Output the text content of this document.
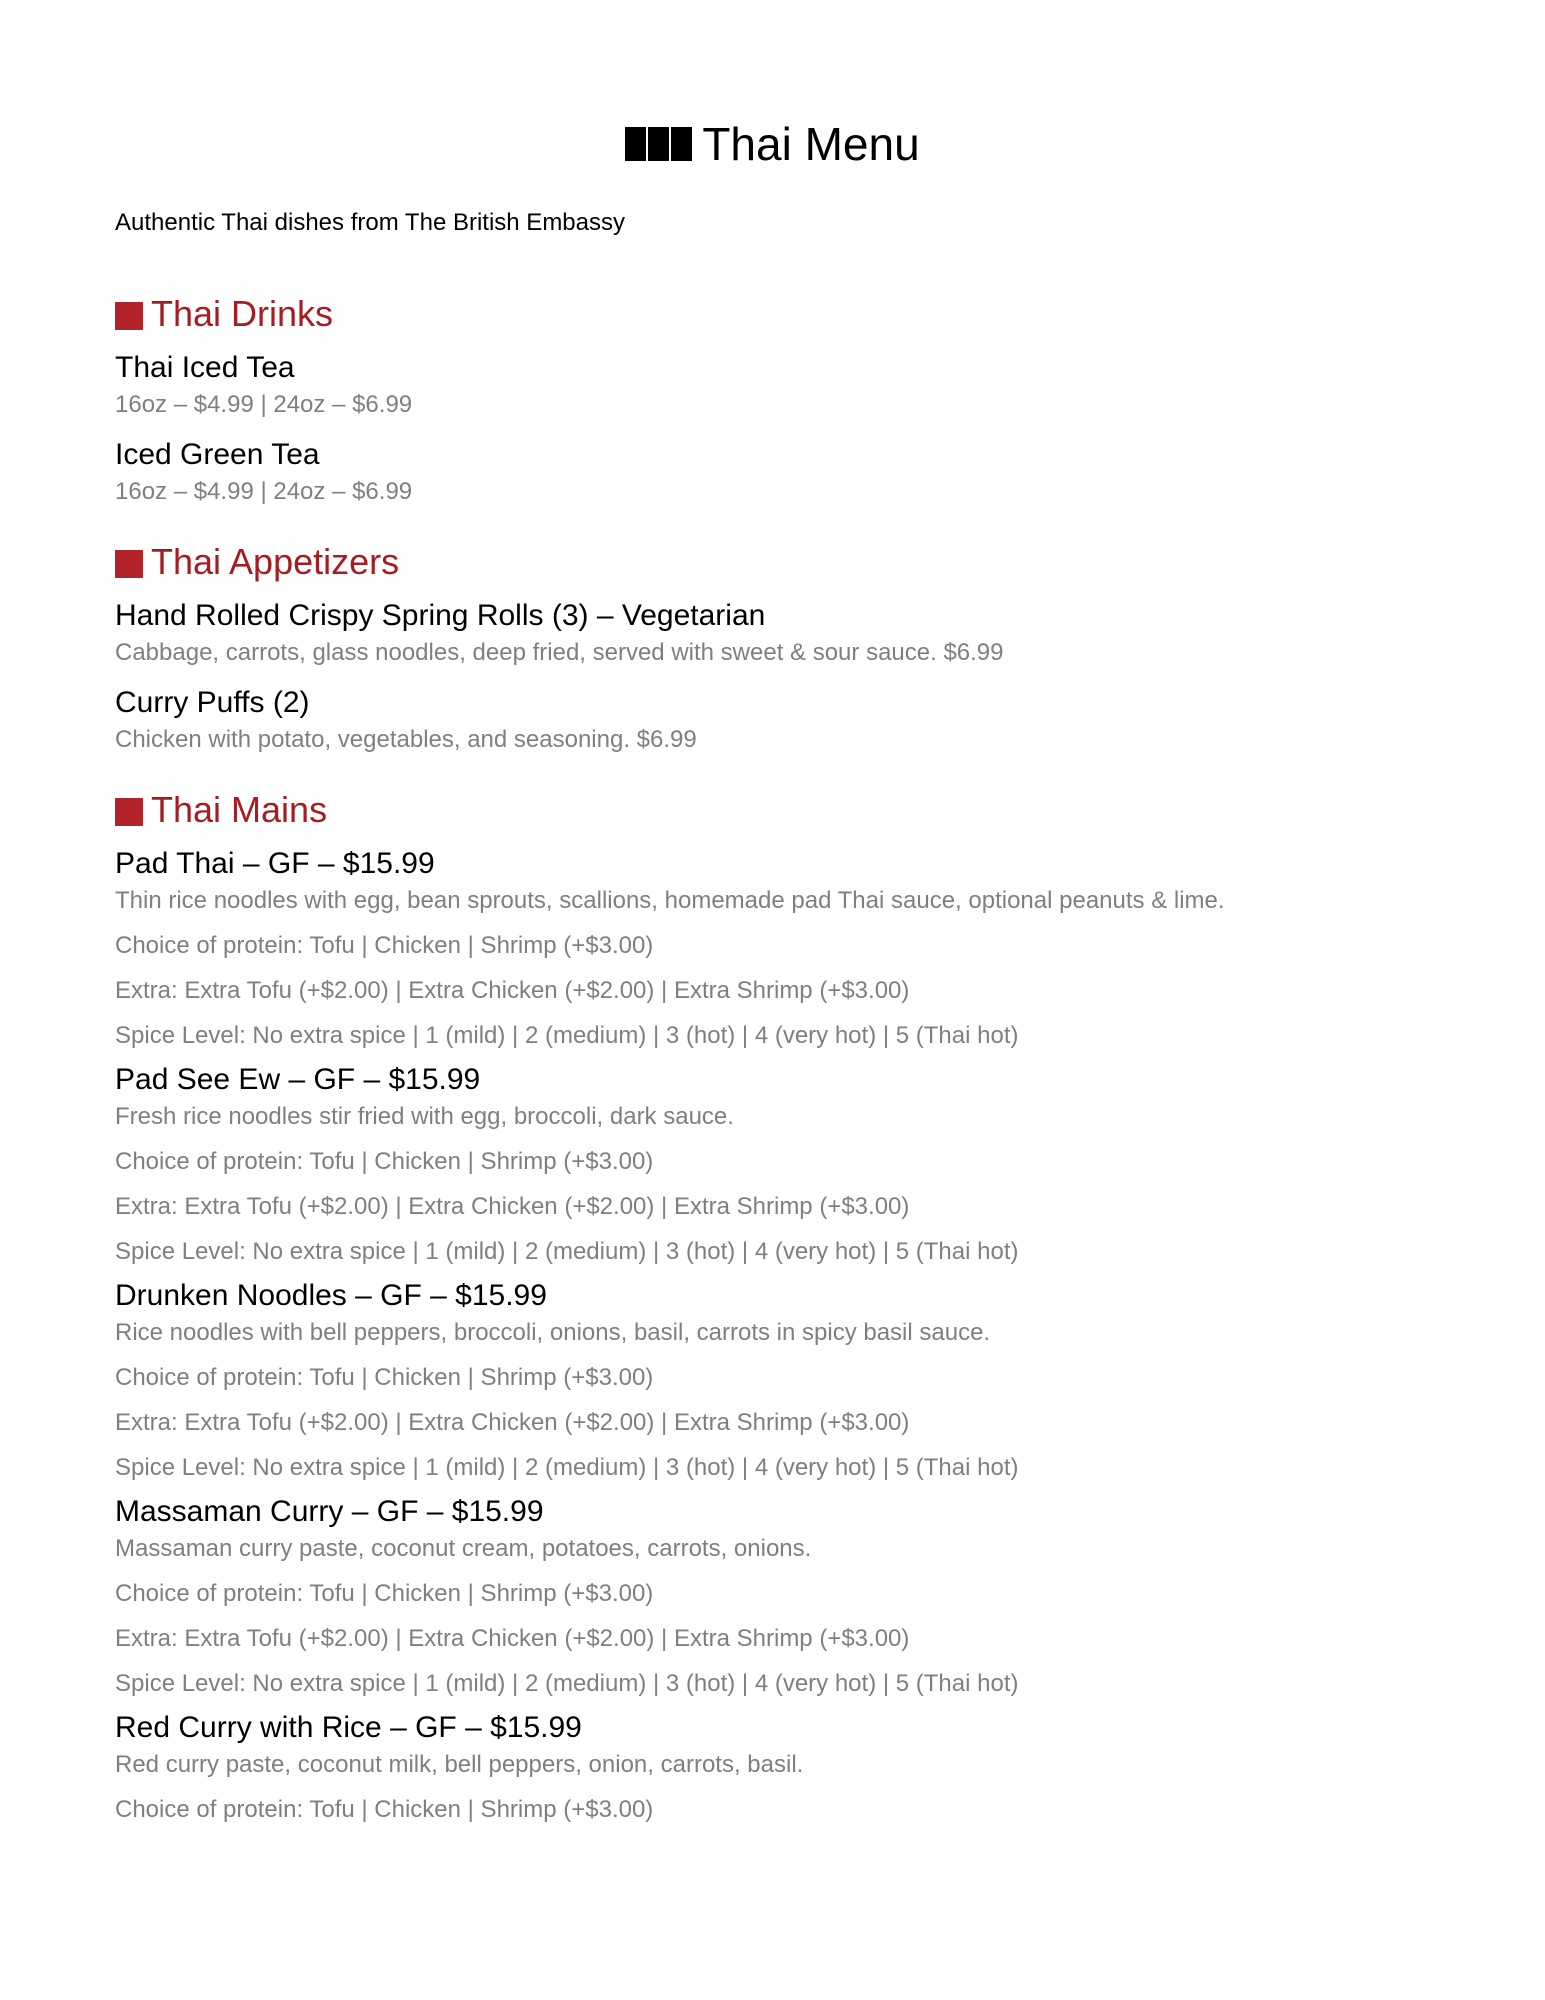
Thai Menu

Authentic Thai dishes from The British Embassy

Thai Drinks

Thai Iced Tea

16oz – $4.99 | 24oz – $6.99

Iced Green Tea

16oz – $4.99 | 24oz – $6.99

Thai Appetizers

Hand Rolled Crispy Spring Rolls (3) – Vegetarian

Cabbage, carrots, glass noodles, deep fried, served with sweet & sour sauce. $6.99

Curry Puffs (2)

Chicken with potato, vegetables, and seasoning. $6.99

Thai Mains

Pad Thai – GF – $15.99

Thin rice noodles with egg, bean sprouts, scallions, homemade pad Thai sauce, optional peanuts & lime.

Choice of protein: Tofu | Chicken | Shrimp (+$3.00)

Extra: Extra Tofu (+$2.00) | Extra Chicken (+$2.00) | Extra Shrimp (+$3.00)

Spice Level: No extra spice | 1 (mild) | 2 (medium) | 3 (hot) | 4 (very hot) | 5 (Thai hot)

Pad See Ew – GF – $15.99

Fresh rice noodles stir fried with egg, broccoli, dark sauce.

Choice of protein: Tofu | Chicken | Shrimp (+$3.00)

Extra: Extra Tofu (+$2.00) | Extra Chicken (+$2.00) | Extra Shrimp (+$3.00)

Spice Level: No extra spice | 1 (mild) | 2 (medium) | 3 (hot) | 4 (very hot) | 5 (Thai hot)

Drunken Noodles – GF – $15.99

Rice noodles with bell peppers, broccoli, onions, basil, carrots in spicy basil sauce.

Choice of protein: Tofu | Chicken | Shrimp (+$3.00)

Extra: Extra Tofu (+$2.00) | Extra Chicken (+$2.00) | Extra Shrimp (+$3.00)

Spice Level: No extra spice | 1 (mild) | 2 (medium) | 3 (hot) | 4 (very hot) | 5 (Thai hot)

Massaman Curry – GF – $15.99

Massaman curry paste, coconut cream, potatoes, carrots, onions.

Choice of protein: Tofu | Chicken | Shrimp (+$3.00)

Extra: Extra Tofu (+$2.00) | Extra Chicken (+$2.00) | Extra Shrimp (+$3.00)

Spice Level: No extra spice | 1 (mild) | 2 (medium) | 3 (hot) | 4 (very hot) | 5 (Thai hot)

Red Curry with Rice – GF – $15.99

Red curry paste, coconut milk, bell peppers, onion, carrots, basil.

Choice of protein: Tofu | Chicken | Shrimp (+$3.00)
